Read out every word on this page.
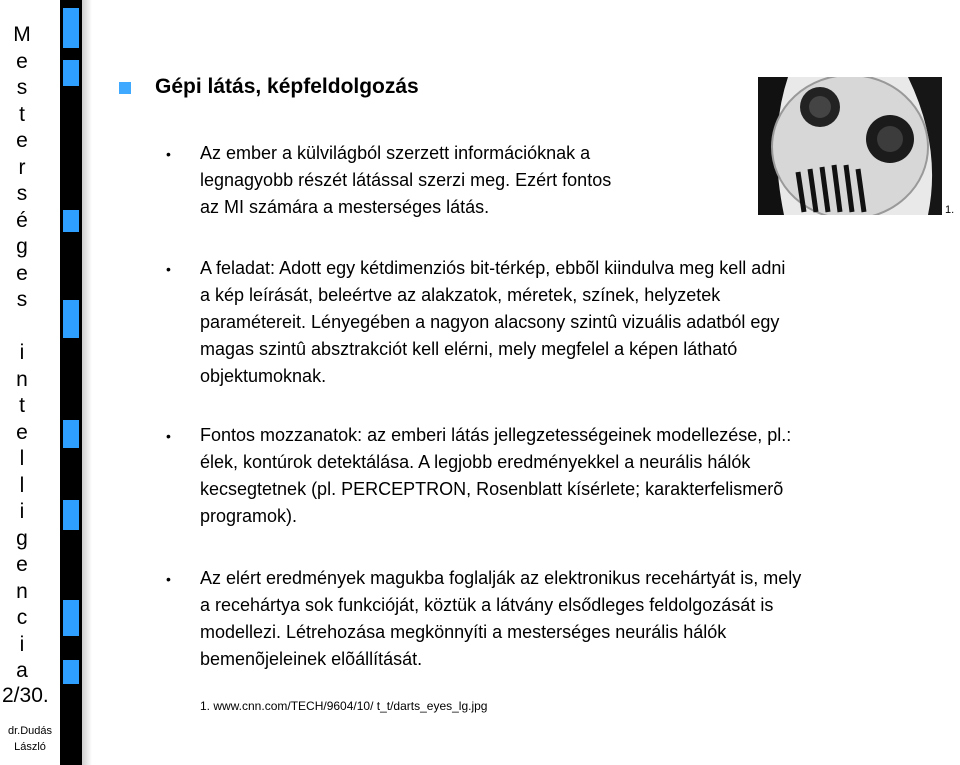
M
e
s
t
e
r
s
é
g
e
s
i
n
t
e
l
l
i
g
e
n
c
i
a
2/30.
dr.Dudás
László
Gépi látás, képfeldolgozás
• Az ember a külvilágból szerzett információknak a
legnagyobb részét látással szerzi meg. Ezért fontos
az MI számára a mesterséges látás.
• A feladat: Adott egy kétdimenziós bit-térkép, ebbõl kiindulva meg kell adni
a kép leírását, beleértve az alakzatok, méretek, színek, helyzetek
paramétereit. Lényegében a nagyon alacsony szintû vizuális adatból egy
magas szintû absztrakciót kell elérni, mely megfelel a képen látható
objektumoknak.
• Fontos mozzanatok: az emberi látás jellegzetességeinek modellezése, pl.:
élek, kontúrok detektálása. A legjobb eredményekkel a neurális hálók
kecsegtetnek (pl. PERCEPTRON, Rosenblatt kísérlete; karakterfelismerõ
programok).
• Az elért eredmények magukba foglalják az elektronikus recehártyát is, mely
a recehártya sok funkcióját, köztük a látvány elsődleges feldolgozását is
modellezi. Létrehozása megkönnyíti a mesterséges neurális hálók
bemenõjeleinek elõállítását.
1.
1. www.cnn.com/TECH/9604/10/ t_t/darts_eyes_lg.jpg
